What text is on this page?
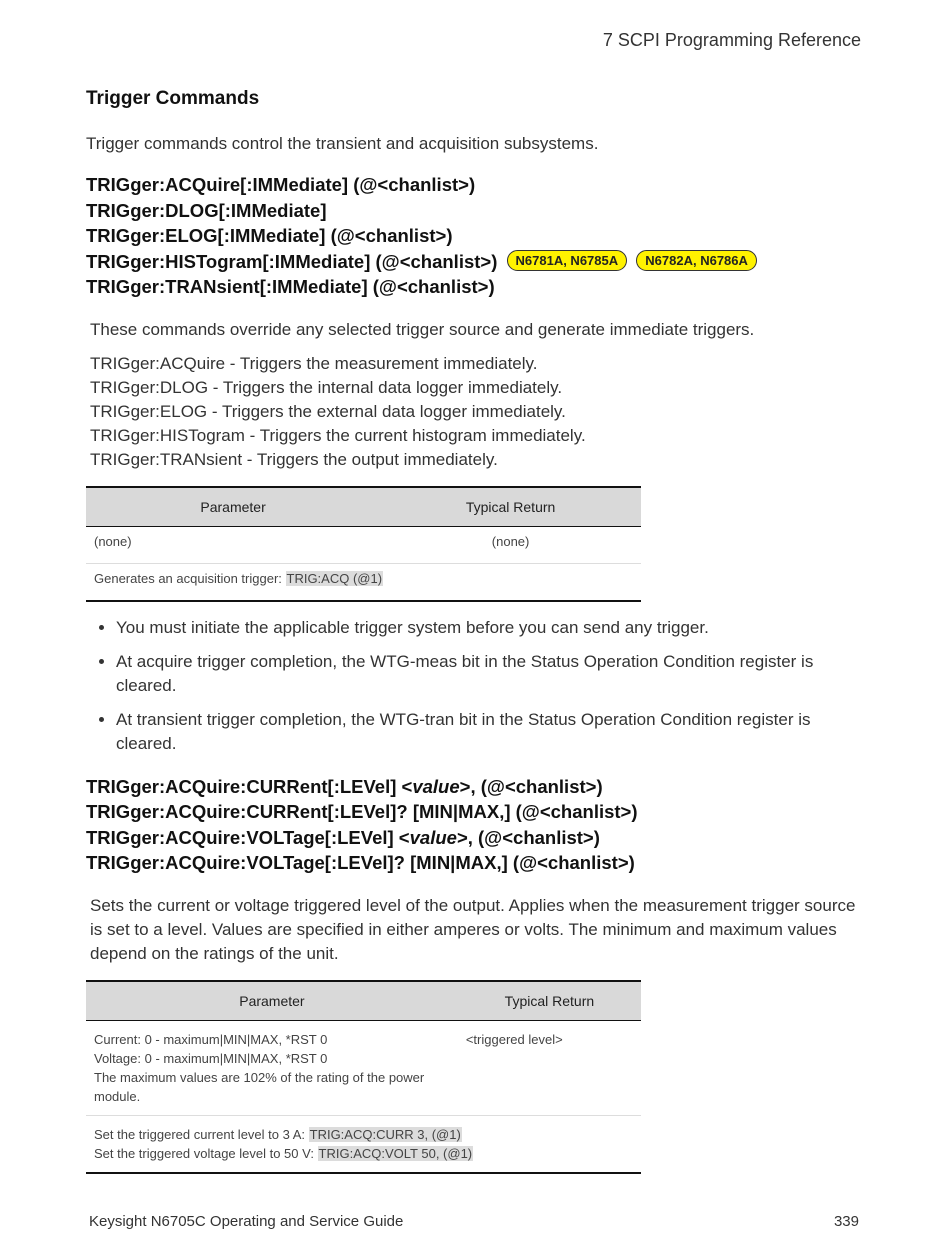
7 SCPI Programming Reference
Trigger Commands
Trigger commands control the transient and acquisition subsystems.
TRIGger:ACQuire[:IMMediate] (@<chanlist>)
TRIGger:DLOG[:IMMediate]
TRIGger:ELOG[:IMMediate] (@<chanlist>)
TRIGger:HISTogram[:IMMediate] (@<chanlist>) N6781A, N6785A N6782A, N6786A
TRIGger:TRANsient[:IMMediate] (@<chanlist>)
These commands override any selected trigger source and generate immediate triggers.
TRIGger:ACQuire - Triggers the measurement immediately.
TRIGger:DLOG - Triggers the internal data logger immediately.
TRIGger:ELOG - Triggers the external data logger immediately.
TRIGger:HISTogram - Triggers the current histogram immediately.
TRIGger:TRANsient - Triggers the output immediately.
Parameter	Typical Return
(none)	(none)
Generates an acquisition trigger: TRIG:ACQ (@1)	
• You must initiate the applicable trigger system before you can send any trigger.
• At acquire trigger completion, the WTG-meas bit in the Status Operation Condition register is cleared.
• At transient trigger completion, the WTG-tran bit in the Status Operation Condition register is cleared.
TRIGger:ACQuire:CURRent[:LEVel] <value>, (@<chanlist>)
TRIGger:ACQuire:CURRent[:LEVel]? [MIN|MAX,] (@<chanlist>)
TRIGger:ACQuire:VOLTage[:LEVel] <value>, (@<chanlist>)
TRIGger:ACQuire:VOLTage[:LEVel]? [MIN|MAX,] (@<chanlist>)
Sets the current or voltage triggered level of the output. Applies when the measurement trigger source is set to a level. Values are specified in either amperes or volts. The minimum and maximum values depend on the ratings of the unit.
Parameter	Typical Return

Current: 0 - maximum|MIN|MAX, *RST 0
Voltage: 0 - maximum|MIN|MAX, *RST 0
The maximum values are 102% of the rating of the power module.	<triggered level>

Set the triggered current level to 3 A: TRIG:ACQ:CURR 3, (@1)
Set the triggered voltage level to 50 V: TRIG:ACQ:VOLT 50, (@1)	
Keysight N6705C Operating and Service Guide	339
